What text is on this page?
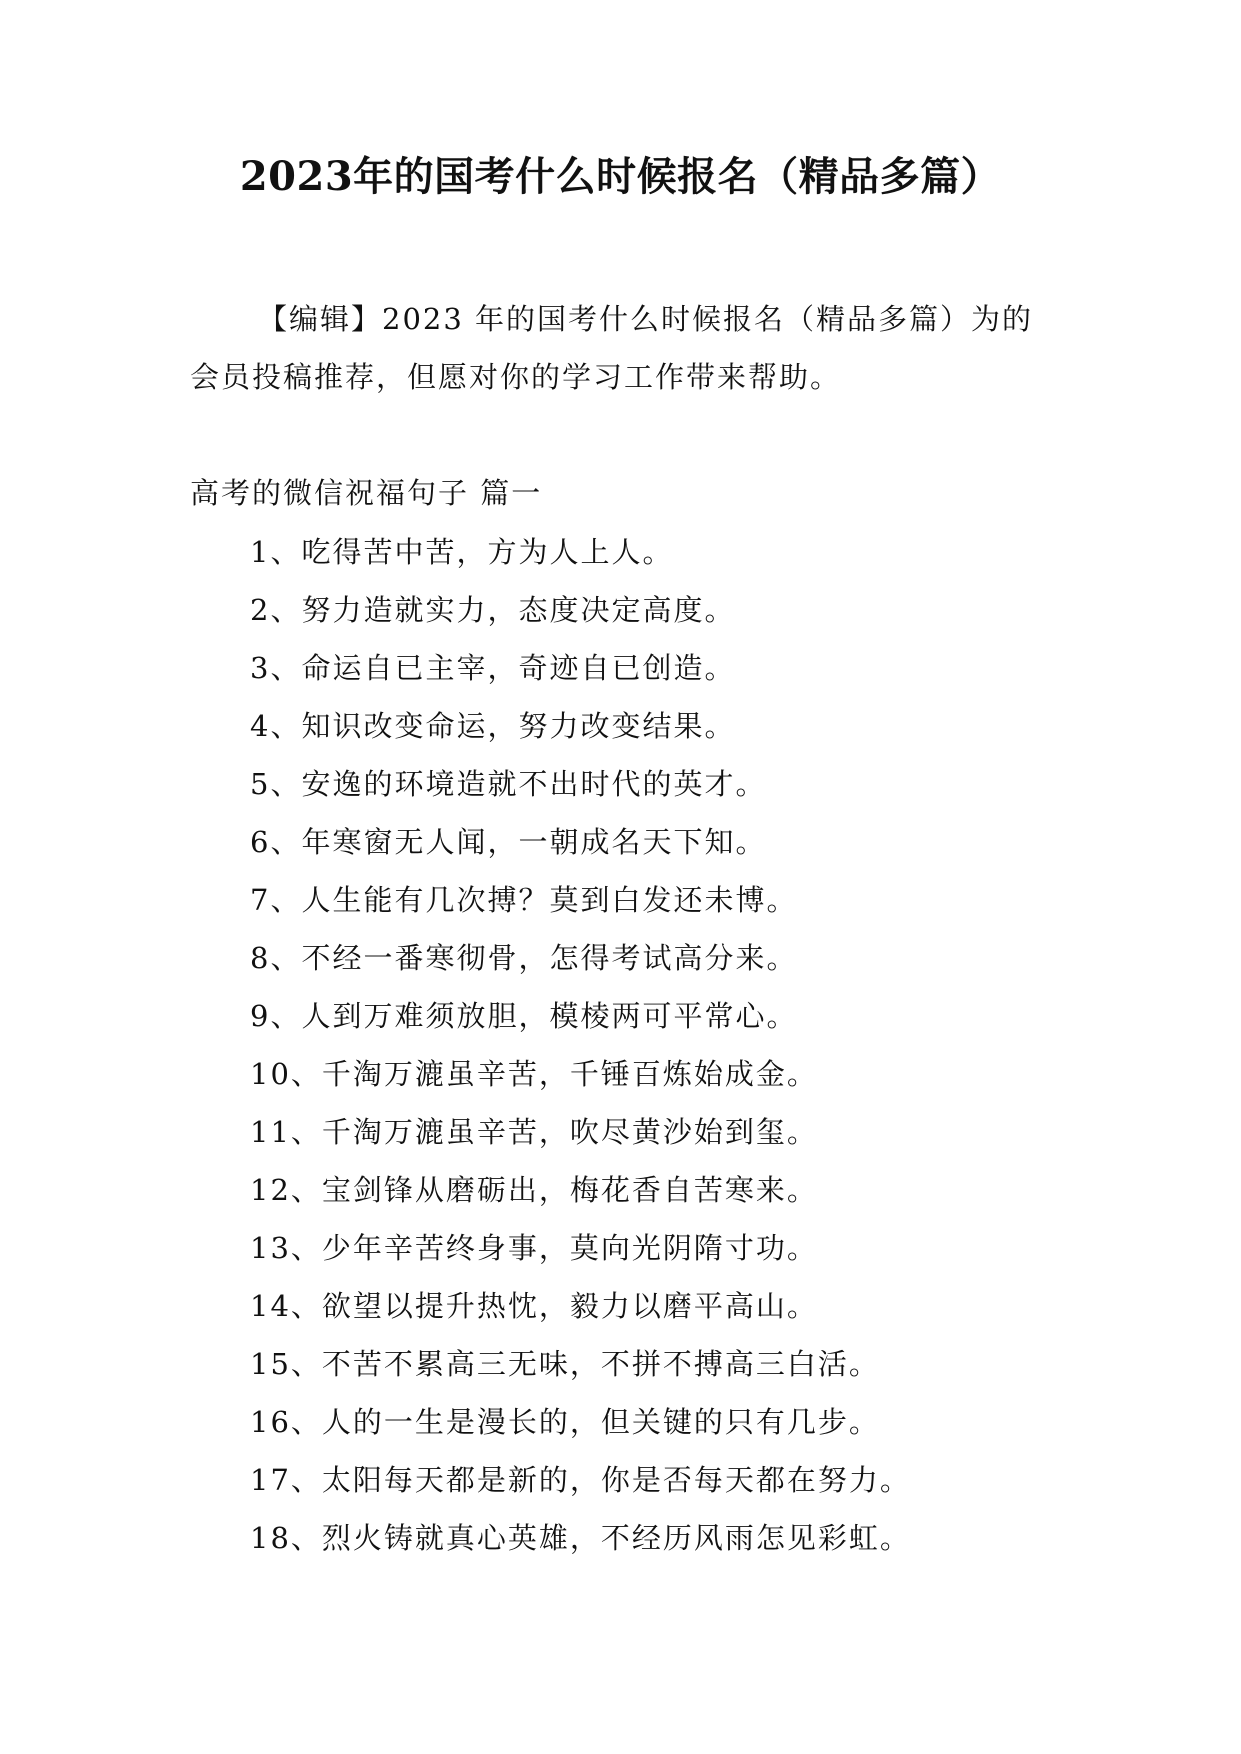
2023年的国考什么时候报名（精品多篇）
【编辑】2023 年的国考什么时候报名（精品多篇）为的
会员投稿推荐，但愿对你的学习工作带来帮助。
高考的微信祝福句子 篇一
1、吃得苦中苦，方为人上人。
2、努力造就实力，态度决定高度。
3、命运自已主宰，奇迹自已创造。
4、知识改变命运，努力改变结果。
5、安逸的环境造就不出时代的英才。
6、年寒窗无人闻，一朝成名天下知。
7、人生能有几次搏？莫到白发还未博。
8、不经一番寒彻骨，怎得考试高分来。
9、人到万难须放胆，模棱两可平常心。
10、千淘万漉虽辛苦，千锤百炼始成金。
11、千淘万漉虽辛苦，吹尽黄沙始到玺。
12、宝剑锋从磨砺出，梅花香自苦寒来。
13、少年辛苦终身事，莫向光阴隋寸功。
14、欲望以提升热忱，毅力以磨平高山。
15、不苦不累高三无味，不拼不搏高三白活。
16、人的一生是漫长的，但关键的只有几步。
17、太阳每天都是新的，你是否每天都在努力。
18、烈火铸就真心英雄，不经历风雨怎见彩虹。
